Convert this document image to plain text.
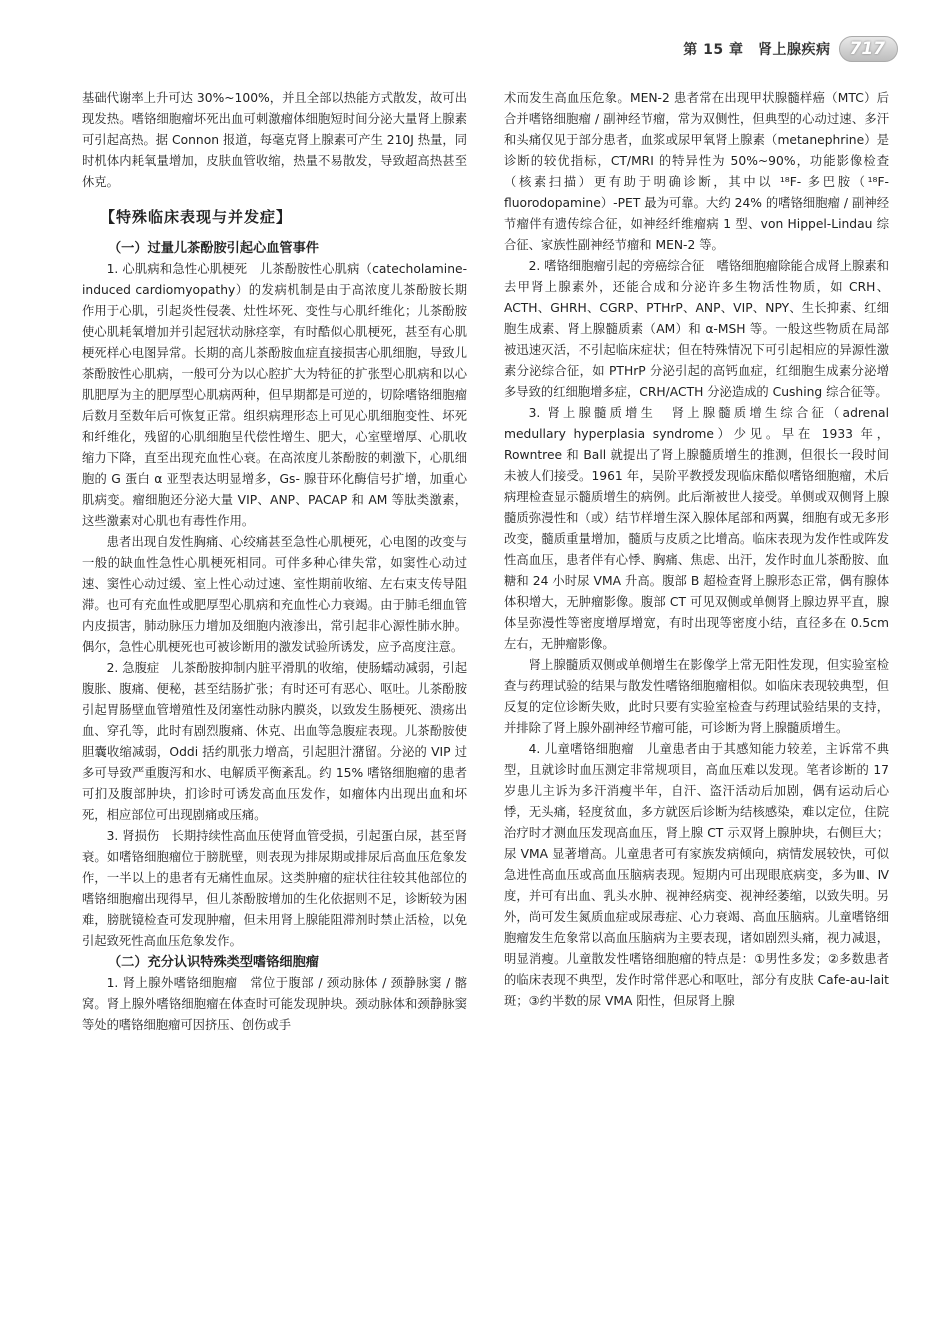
第 15 章　肾上腺疾病	717

基础代谢率上升可达 30%~100%，并且全部以热能方式散发，故可出现发热。嗜铬细胞瘤坏死出血可刺激瘤体细胞短时间分泌大量肾上腺素可引起高热。据 Connon 报道，每毫克肾上腺素可产生 210J 热量，同时机体内耗氧量增加，皮肤血管收缩，热量不易散发，导致超高热甚至休克。

【特殊临床表现与并发症】

（一）过量儿茶酚胺引起心血管事件

1. 心肌病和急性心肌梗死　儿茶酚胺性心肌病（catecholamine-induced cardiomyopathy）的发病机制是由于高浓度儿茶酚胺长期作用于心肌，引起炎性侵袭、灶性坏死、变性与心肌纤维化；儿茶酚胺使心肌耗氧增加并引起冠状动脉痉挛，有时酷似心肌梗死，甚至有心肌梗死样心电图异常。长期的高儿茶酚胺血症直接损害心肌细胞，导致儿茶酚胺性心肌病，一般可分为以心腔扩大为特征的扩张型心肌病和以心肌肥厚为主的肥厚型心肌病两种，但早期都是可逆的，切除嗜铬细胞瘤后数月至数年后可恢复正常。组织病理形态上可见心肌细胞变性、坏死和纤维化，残留的心肌细胞呈代偿性增生、肥大，心室壁增厚、心肌收缩力下降，直至出现充血性心衰。在高浓度儿茶酚胺的刺激下，心肌细胞的 G 蛋白 α 亚型表达明显增多，Gs- 腺苷环化酶信号扩增，加重心肌病变。瘤细胞还分泌大量 VIP、ANP、PACAP 和 AM 等肽类激素，这些激素对心肌也有毒性作用。

患者出现自发性胸痛、心绞痛甚至急性心肌梗死，心电图的改变与一般的缺血性急性心肌梗死相同。可伴多种心律失常，如窦性心动过速、窦性心动过缓、室上性心动过速、室性期前收缩、左右束支传导阻滞。也可有充血性或肥厚型心肌病和充血性心力衰竭。由于肺毛细血管内皮损害，肺动脉压力增加及细胞内液渗出，常引起非心源性肺水肿。偶尔，急性心肌梗死也可被诊断用的激发试验所诱发，应予高度注意。

2. 急腹症　儿茶酚胺抑制内脏平滑肌的收缩，使肠蠕动减弱，引起腹胀、腹痛、便秘，甚至结肠扩张；有时还可有恶心、呕吐。儿茶酚胺引起胃肠壁血管增殖性及闭塞性动脉内膜炎，以致发生肠梗死、溃疡出血、穿孔等，此时有剧烈腹痛、休克、出血等急腹症表现。儿茶酚胺使胆囊收缩减弱，Oddi 括约肌张力增高，引起胆汁潴留。分泌的 VIP 过多可导致严重腹泻和水、电解质平衡紊乱。约 15% 嗜铬细胞瘤的患者可扪及腹部肿块，扪诊时可诱发高血压发作，如瘤体内出现出血和坏死，相应部位可出现剧痛或压痛。

3. 肾损伤　长期持续性高血压使肾血管受损，引起蛋白尿，甚至肾衰。如嗜铬细胞瘤位于膀胱壁，则表现为排尿期或排尿后高血压危象发作，一半以上的患者有无痛性血尿。这类肿瘤的症状往往较其他部位的嗜铬细胞瘤出现得早，但儿茶酚胺增加的生化依据则不足，诊断较为困难，膀胱镜检查可发现肿瘤，但未用肾上腺能阻滞剂时禁止活检，以免引起致死性高血压危象发作。

（二）充分认识特殊类型嗜铬细胞瘤

1. 肾上腺外嗜铬细胞瘤　常位于腹部 / 颈动脉体 / 颈静脉窦 / 髂窝。肾上腺外嗜铬细胞瘤在体查时可能发现肿块。颈动脉体和颈静脉窦等处的嗜铬细胞瘤可因挤压、创伤或手

术而发生高血压危象。MEN-2 患者常在出现甲状腺髓样癌（MTC）后合并嗜铬细胞瘤 / 副神经节瘤，常为双侧性，但典型的心动过速、多汗和头痛仅见于部分患者，血浆或尿甲氧肾上腺素（metanephrine）是诊断的较优指标，CT/MRI 的特异性为 50%~90%，功能影像检查（核素扫描）更有助于明确诊断，其中以 ¹⁸F- 多巴胺（¹⁸F-fluorodopamine）-PET 最为可靠。大约 24% 的嗜铬细胞瘤 / 副神经节瘤伴有遗传综合征，如神经纤维瘤病 1 型、von Hippel-Lindau 综合征、家族性副神经节瘤和 MEN-2 等。

2. 嗜铬细胞瘤引起的旁癌综合征　嗜铬细胞瘤除能合成肾上腺素和去甲肾上腺素外，还能合成和分泌许多生物活性物质，如 CRH、ACTH、GHRH、CGRP、PTHrP、ANP、VIP、NPY、生长抑素、红细胞生成素、肾上腺髓质素（AM）和 α-MSH 等。一般这些物质在局部被迅速灭活，不引起临床症状；但在特殊情况下可引起相应的异源性激素分泌综合征，如 PTHrP 分泌引起的高钙血症，红细胞生成素分泌增多导致的红细胞增多症，CRH/ACTH 分泌造成的 Cushing 综合征等。

3. 肾上腺髓质增生　肾上腺髓质增生综合征（adrenal medullary hyperplasia syndrome）少见。早在 1933 年，Rowntree 和 Ball 就提出了肾上腺髓质增生的推测，但很长一段时间未被人们接受。1961 年，吴阶平教授发现临床酷似嗜铬细胞瘤，术后病理检查显示髓质增生的病例。此后渐被世人接受。单侧或双侧肾上腺髓质弥漫性和（或）结节样增生深入腺体尾部和两翼，细胞有或无多形改变，髓质重量增加，髓质与皮质之比增高。临床表现为发作性或阵发性高血压，患者伴有心悸、胸痛、焦虑、出汗，发作时血儿茶酚胺、血糖和 24 小时尿 VMA 升高。腹部 B 超检查肾上腺形态正常，偶有腺体体积增大，无肿瘤影像。腹部 CT 可见双侧或单侧肾上腺边界平直，腺体呈弥漫性等密度增厚增宽，有时出现等密度小结，直径多在 0.5cm 左右，无肿瘤影像。

肾上腺髓质双侧或单侧增生在影像学上常无阳性发现，但实验室检查与药理试验的结果与散发性嗜铬细胞瘤相似。如临床表现较典型，但反复的定位诊断失败，此时只要有实验室检查与药理试验结果的支持，并排除了肾上腺外副神经节瘤可能，可诊断为肾上腺髓质增生。

4. 儿童嗜铬细胞瘤　儿童患者由于其感知能力较差，主诉常不典型，且就诊时血压测定非常规项目，高血压难以发现。笔者诊断的 17 岁患儿主诉为多汗消瘦半年，自汗、盗汗活动后加剧，偶有运动后心悸，无头痛，轻度贫血，多方就医后诊断为结核感染，难以定位，住院治疗时才测血压发现高血压，肾上腺 CT 示双肾上腺肿块，右侧巨大；尿 VMA 显著增高。儿童患者可有家族发病倾向，病情发展较快，可似急进性高血压或高血压脑病表现。短期内可出现眼底病变，多为Ⅲ、Ⅳ度，并可有出血、乳头水肿、视神经病变、视神经萎缩，以致失明。另外，尚可发生氮质血症或尿毒症、心力衰竭、高血压脑病。儿童嗜铬细胞瘤发生危象常以高血压脑病为主要表现，诸如剧烈头痛，视力减退，明显消瘦。儿童散发性嗜铬细胞瘤的特点是：①男性多发；②多数患者的临床表现不典型，发作时常伴恶心和呕吐，部分有皮肤 Cafe-au-lait 斑；③约半数的尿 VMA 阳性，但尿肾上腺
